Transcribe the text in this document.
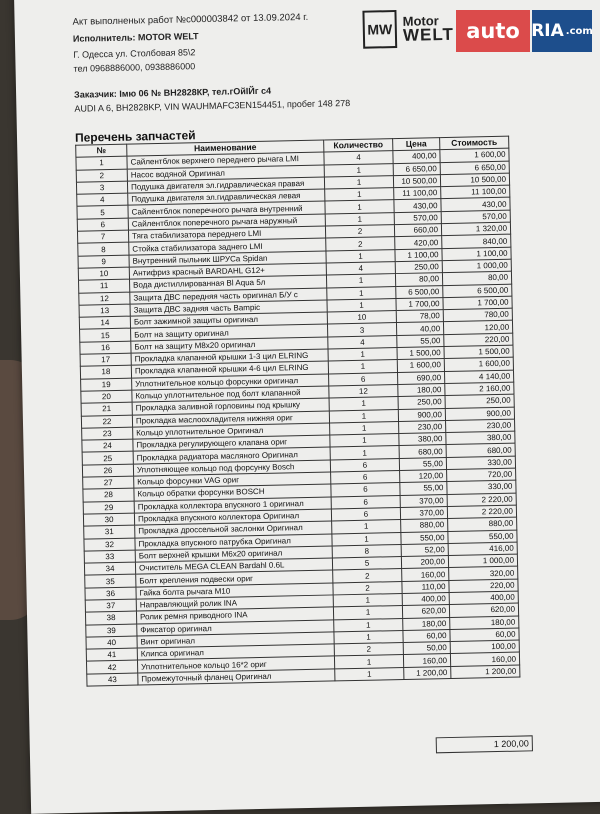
Акт выполненых работ №с000003842 от 13.09.2024 г.
Исполнитель: MOTOR WELT
Г. Одесса ул. Столбовая 85\2
тел 0968886000, 0938886000
Заказчик: Імю 06 № ВН2828КР, тел.гОйІЙг с4
AUDI A 6, BH2828KP, VIN WAUHMAFC3EN154451, пробег 148 278
MW
Motor
WELT
Перечень запчастей
№	Наименование	Количество	Цена	Стоимость
1	Сайлентблок верхнего переднего рычага LMI	4	400,00	1 600,00
2	Насос водяной Оригинал	1	6 650,00	6 650,00
3	Подушка двигателя эл.гидравлическая правая	1	10 500,00	10 500,00
4	Подушка двигателя эл.гидравлическая левая	1	11 100,00	11 100,00
5	Сайлентблок поперечного рычага внутренний	1	430,00	430,00
6	Сайлентблок поперечного рычага наружный	1	570,00	570,00
7	Тяга стабилизатора переднего LMI	2	660,00	1 320,00
8	Стойка стабилизатора заднего LMI	2	420,00	840,00
9	Внутренний пыльник ШРУСа Spidan	1	1 100,00	1 100,00
10	Антифриз красный BARDAHL G12+	4	250,00	1 000,00
11	Вода дистиллированная Bl Aqua 5л	1	80,00	80,00
12	Защита ДВС передняя часть оригинал Б/У с	1	6 500,00	6 500,00
13	Защита ДВС задняя часть Bampic	1	1 700,00	1 700,00
14	Болт зажимной защиты оригинал	10	78,00	780,00
15	Болт на защиту оригинал	3	40,00	120,00
16	Болт на защиту M8x20 оригинал	4	55,00	220,00
17	Прокладка клапанной крышки 1-3 цил ELRING	1	1 500,00	1 500,00
18	Прокладка клапанной крышки 4-6 цил ELRING	1	1 600,00	1 600,00
19	Уплотнительное кольцо форсунки оригинал	6	690,00	4 140,00
20	Кольцо уплотнительное под болт клапанной	12	180,00	2 160,00
21	Прокладка заливной горловины под крышку	1	250,00	250,00
22	Прокладка маслоохладителя нижняя ориг	1	900,00	900,00
23	Кольцо уплотнительное Оригинал	1	230,00	230,00
24	Прокладка регулирующего клапана ориг	1	380,00	380,00
25	Прокладка радиатора масляного Оригинал	1	680,00	680,00
26	Уплотняющее кольцо под форсунку Bosch	6	55,00	330,00
27	Кольцо форсунки VAG ориг	6	120,00	720,00
28	Кольцо обратки форсунки BOSCH	6	55,00	330,00
29	Прокладка коллектора впускного 1 оригинал	6	370,00	2 220,00
30	Прокладка впускного коллектора Оригинал	6	370,00	2 220,00
31	Прокладка дроссельной заслонки Оригинал	1	880,00	880,00
32	Прокладка впускного патрубка Оригинал	1	550,00	550,00
33	Болт верхней крышки M6x20 оригинал	8	52,00	416,00
34	Очиститель MEGA CLEAN Bardahl 0.6L	5	200,00	1 000,00
35	Болт крепления подвески ориг	2	160,00	320,00
36	Гайка болта рычага M10	2	110,00	220,00
37	Направляющий ролик INA	1	400,00	400,00
38	Ролик ремня приводного INA	1	620,00	620,00
39	Фиксатор оригинал	1	180,00	180,00
40	Винт оригинал	1	60,00	60,00
41	Клипса оригинал	2	50,00	100,00
42	Уплотнительное кольцо 16*2 ориг	1	160,00	160,00
43	Промежуточный фланец Оригинал	1	1 200,00	1 200,00
1 200,00
auto RIA .com
